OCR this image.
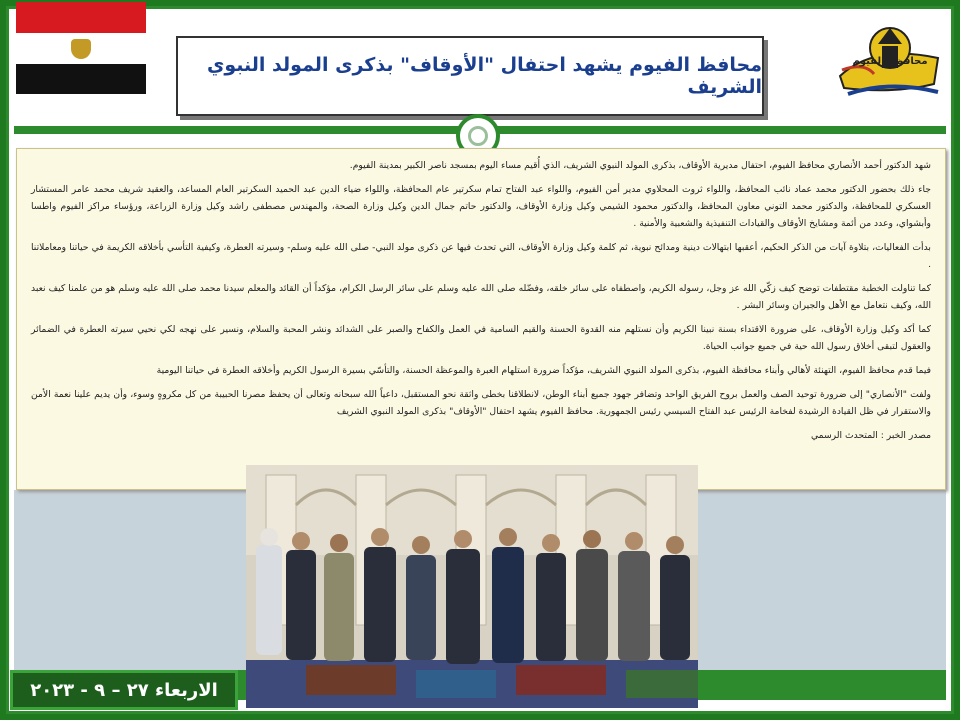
محافظة الفيوم
محافظ الفيوم يشهد احتفال "الأوقاف" بذكرى المولد النبوي الشريف

شهد الدكتور أحمد الأنصاري محافظ الفيوم، احتفال مديرية الأوقاف، بذكرى المولد النبوي الشريف، الذي أُقيم مساء اليوم بمسجد ناصر الكبير بمدينة الفيوم.

جاء ذلك بحضور الدكتور محمد عماد نائب المحافظ، واللواء ثروت المحلاوي مدير أمن الفيوم، واللواء عبد الفتاح تمام سكرتير عام المحافظة، واللواء ضياء الدين عبد الحميد السكرتير العام المساعد، والعقيد شريف محمد عامر المستشار العسكري للمحافظة، والدكتور محمد التوني معاون المحافظ، والدكتور محمود الشيمي وكيل وزارة الأوقاف، والدكتور حاتم جمال الدين وكيل وزارة الصحة، والمهندس مصطفى راشد وكيل وزارة الزراعة، ورؤساء مراكز الفيوم واطسا وأبشواي، وعدد من أئمة ومشايخ الأوقاف والقيادات التنفيذية والشعبية والأمنية .

بدأت الفعاليات، بتلاوة آيات من الذكر الحكيم، أعقبها ابتهالات دينية ومدائح نبوية، ثم كلمة وكيل وزارة الأوقاف، التي تحدث فيها عن ذكرى مولد النبي- صلى الله عليه وسلم- وسيرته العطرة، وكيفية التأسي بأخلاقه الكريمة في حياتنا ومعاملاتنا .

كما تناولت الخطبة مقتطفات توضح كيف زكّي الله عز وجل، رسوله الكريم، واصطفاه على سائر خلقه، وفضّله صلى الله عليه وسلم على سائر الرسل الكرام، مؤكداً أن القائد والمعلم سيدنا محمد صلى الله عليه وسلم هو من علمنا كيف نعبد الله، وكيف نتعامل مع الأهل والجيران وسائر البشر .

كما أكد وكيل وزارة الأوقاف، على ضرورة الاقتداء بسنة نبينا الكريم وأن نستلهم منه القدوة الحسنة والقيم السامية في العمل والكفاح والصبر على الشدائد ونشر المحبة والسلام، ونسير على نهجه لكي نحيي سيرته العطرة في الضمائر والعقول لتبقى أخلاق رسول الله حية في جميع جوانب الحياة.

فيما قدم محافظ الفيوم، التهنئة لأهالي وأبناء محافظة الفيوم، بذكرى المولد النبوي الشريف، مؤكداً ضرورة استلهام العبرة والموعظة الحسنة، والتأسّي بسيرة الرسول الكريم وأخلاقه العطرة في حياتنا اليومية

ولفت "الأنصاري" إلى ضرورة توحيد الصف والعمل بروح الفريق الواحد وتضافر جهود جميع أبناء الوطن، لانطلاقنا بخطى واثقة نحو المستقبل، داعياً الله سبحانه وتعالى أن يحفظ مصرنا الحبيبة من كل مكروهٍ وسوء، وأن يديم علينا نعمة الأمن والاستقرار في ظل القيادة الرشيدة لفخامة الرئيس عبد الفتاح السيسي رئيس الجمهورية. محافظ الفيوم يشهد احتفال "الأوقاف" بذكرى المولد النبوي الشريف

مصدر الخبر : المتحدث الرسمي

الاربعاء ٢٧ – ٩ - ٢٠٢٣
